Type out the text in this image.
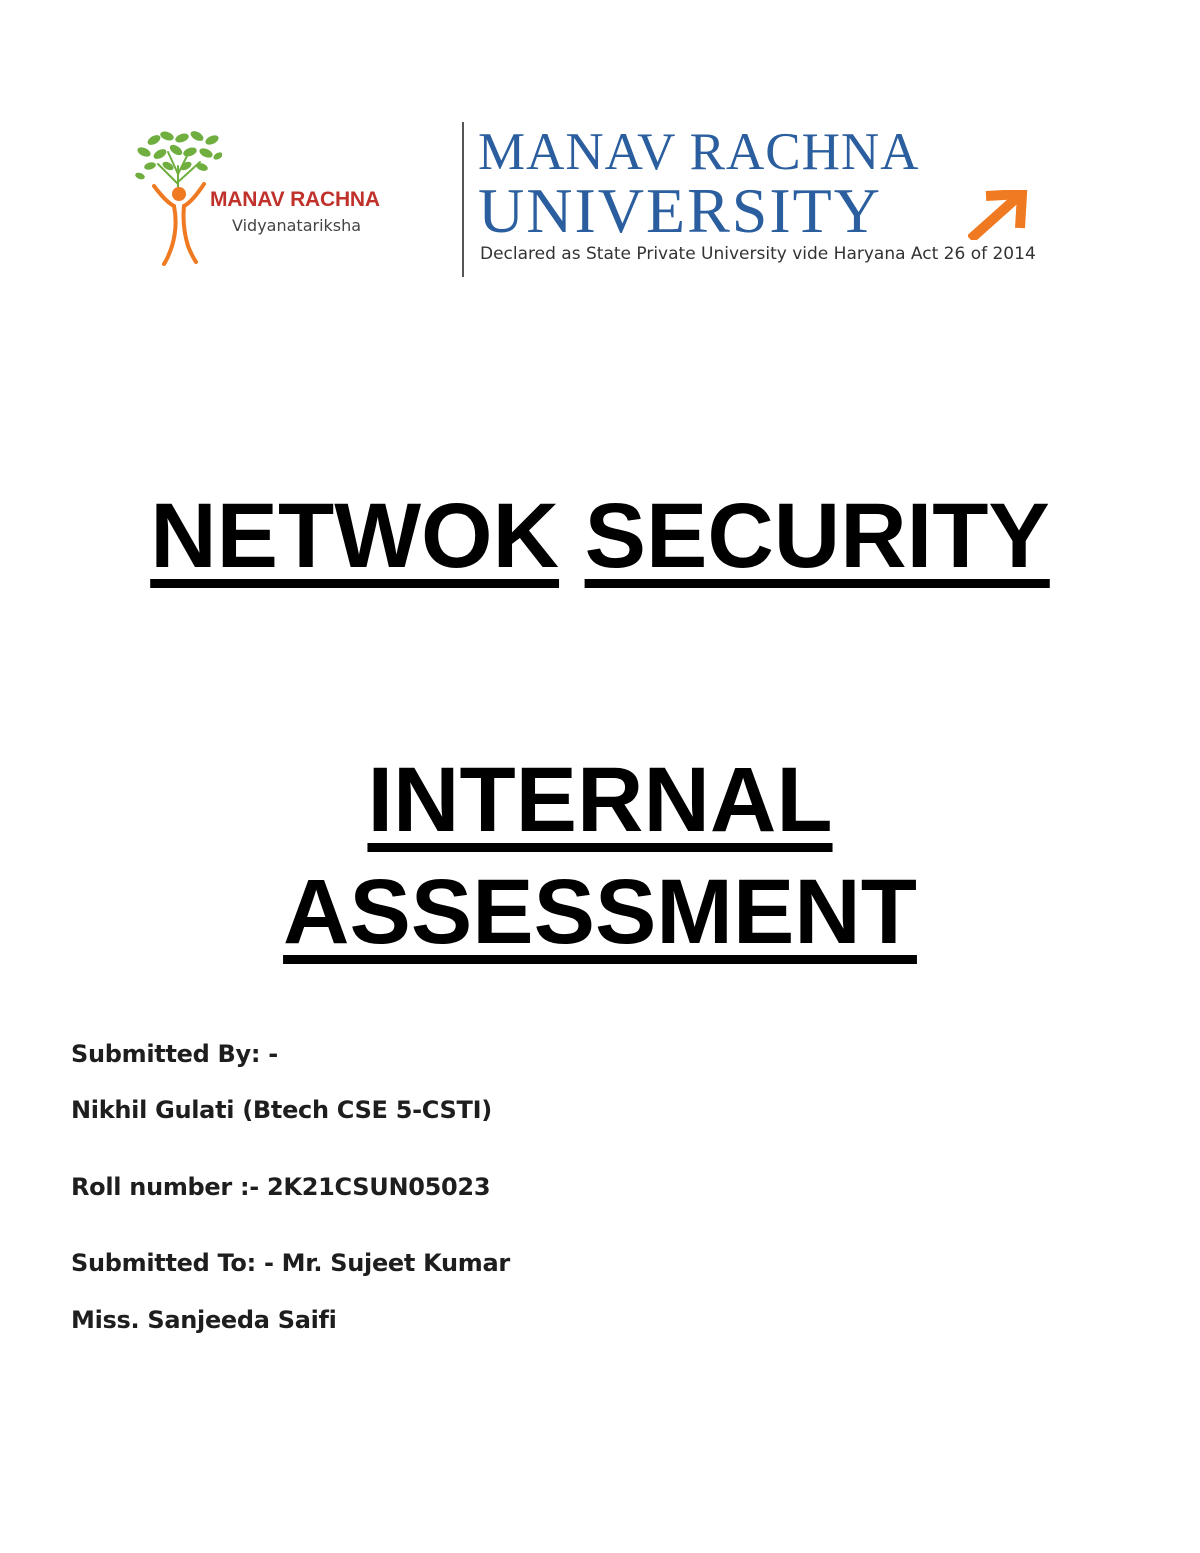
MANAV RACHNA
Vidyanatariksha
MANAV RACHNA
UNIVERSITY
Declared as State Private University vide Haryana Act 26 of 2014
NETWOK SECURITY
INTERNAL
ASSESSMENT

Submitted By: -

Nikhil Gulati (Btech CSE 5-CSTI)

Roll number :- 2K21CSUN05023

Submitted To: - Mr. Sujeet Kumar

Miss. Sanjeeda Saifi
